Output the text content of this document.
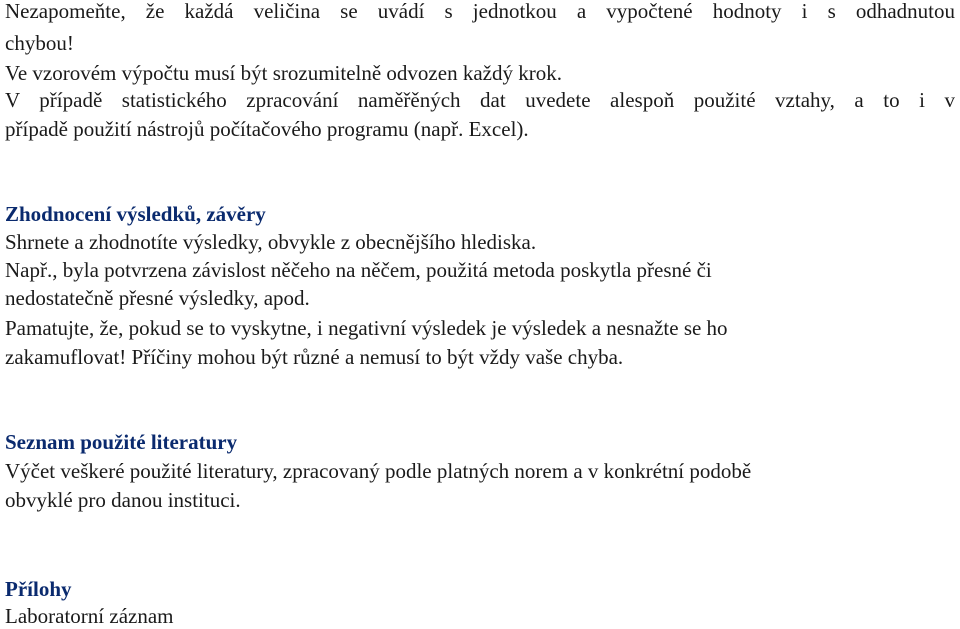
Nezapomeňte, že každá veličina se uvádí s jednotkou a vypočtené hodnoty i s odhadnutou
chybou!
Ve vzorovém výpočtu musí být srozumitelně odvozen každý krok.
V případě statistického zpracování naměřěných dat uvedete alespoň použité vztahy, a to i v
případě použití nástrojů počítačového programu (např. Excel).
Zhodnocení výsledků, závěry
Shrnete a zhodnotíte výsledky, obvykle z obecnějšího hlediska.
Např., byla potvrzena závislost něčeho na něčem, použitá metoda poskytla přesné či
nedostatečně přesné výsledky, apod.
Pamatujte, že, pokud se to vyskytne, i negativní výsledek je výsledek a nesnažte se ho
zakamuflovat! Příčiny mohou být různé a nemusí to být vždy vaše chyba.
Seznam použité literatury
Výčet veškeré použité literatury, zpracovaný podle platných norem a v konkrétní podobě
obvyklé pro danou instituci.
Přílohy
Laboratorní záznam
